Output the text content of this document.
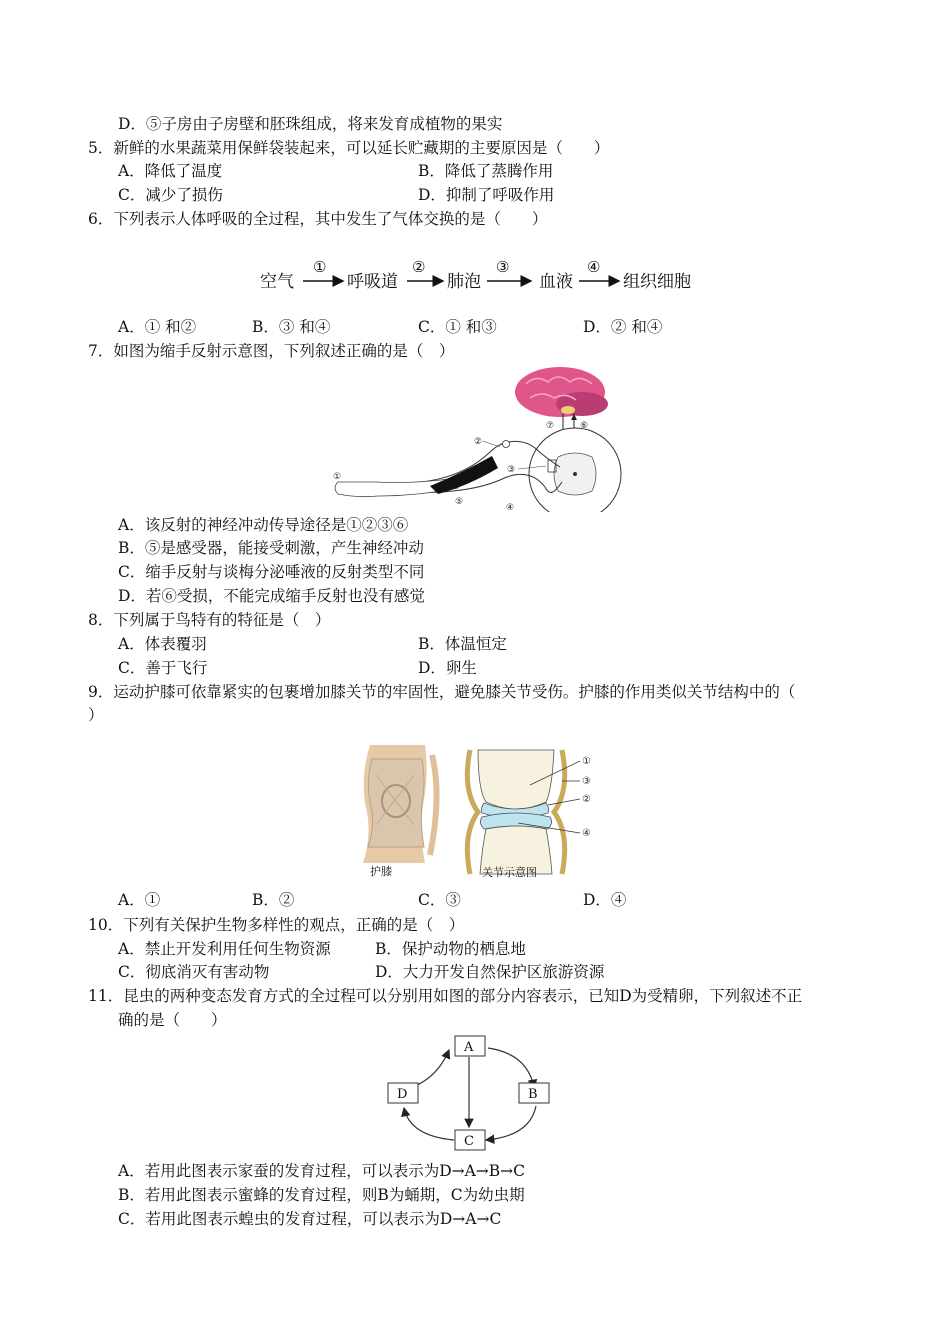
D．⑤子房由子房壁和胚珠组成，将来发育成植物的果实
5．新鲜的水果蔬菜用保鲜袋装起来，可以延长贮藏期的主要原因是（　　）
A．降低了温度	B．降低了蒸腾作用
C．减少了损伤	D．抑制了呼吸作用
6．下列表示人体呼吸的全过程，其中发生了气体交换的是（　　）
空气
①
呼吸道
②
肺泡
③
血液
④
组织细胞
A．① 和②	B．③ 和④	C．① 和③	D．② 和④
7．如图为缩手反射示意图，下列叙述正确的是（　）
①
②
③
④
⑤
⑥
⑦
A．该反射的神经冲动传导途径是①②③⑥
B．⑤是感受器，能接受刺激，产生神经冲动
C．缩手反射与谈梅分泌唾液的反射类型不同
D．若⑥受损，不能完成缩手反射也没有感觉
8．下列属于鸟特有的特征是（　）
A．体表覆羽	B．体温恒定
C．善于飞行	D．卵生
9．运动护膝可依靠紧实的包裹增加膝关节的牢固性，避免膝关节受伤。护膝的作用类似关节结构中的（
）
护膝
①
③
②
④
关节示意图
A．①	B．②	C．③	D．④
10．下列有关保护生物多样性的观点，正确的是（　）
A．禁止开发利用任何生物资源	B．保护动物的栖息地
C．彻底消灭有害动物	D．大力开发自然保护区旅游资源
11．昆虫的两种变态发育方式的全过程可以分别用如图的部分内容表示，已知D为受精卵，下列叙述不正
确的是（　　）
A
B
C
D
A．若用此图表示家蚕的发育过程，可以表示为D→A→B→C
B．若用此图表示蜜蜂的发育过程，则B为蛹期，C为幼虫期
C．若用此图表示蝗虫的发育过程，可以表示为D→A→C
